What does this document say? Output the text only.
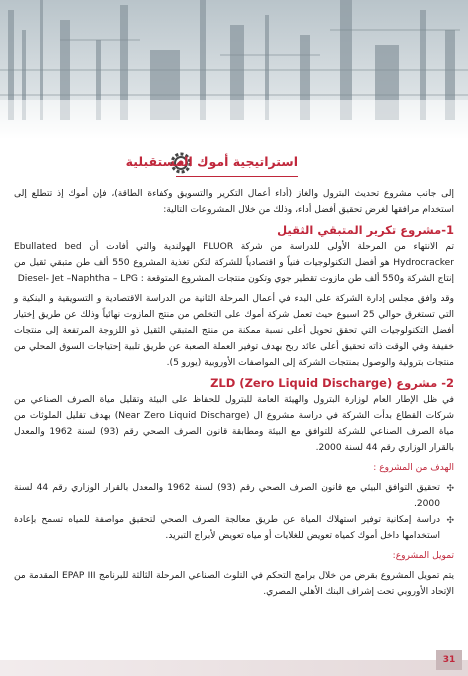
استراتيجية أموك المستقبلية

إلى جانب مشروع تحديث البترول والغاز (أداء أعمال التكرير والتسويق وكفاءة الطاقة)، فإن أموك إذ تتطلع إلى استخدام مرافقها لغرض تحقيق أفضل أداء، وذلك من خلال المشروعات التالية:

1-مشروع تكرير المتبقي الثقيل

تم الانتهاء من المرحلة الأولى للدراسة من شركة FLUOR الهولندية والتي أفادت أن Ebullated bed Hydrocracker هو أفضل التكنولوجيات فنياً و اقتصادياً للشركة لتكن تغذية المشروع 550 ألف طن متبقي ثقيل من إنتاج الشركة و550 ألف طن مازوت تقطير جوي وتكون منتجات المشروع المتوقعة : Diesel- Jet –Naphtha – LPG

وقد وافق مجلس إدارة الشركة على البدء في أعمال المرحلة الثانية من الدراسة الاقتصادية و التسويقية و البنكية و التي تستغرق حوالي 25 اسبوع حيث تعمل شركة أموك على التخلص من منتج المازوت نهائياً وذلك عن طريق إختيار أفضل التكنولوجيات التي تحقق تحويل أعلى نسبة ممكنة من منتج المتبقي الثقيل ذو اللزوجة المرتفعة إلى منتجات خفيفة وفي الوقت ذاته تحقيق أعلى عائد ربح بهدف توفير العملة الصعبة عن طريق تلبية إحتياجات السوق المحلي من منتجات بترولية والوصول بمنتجات الشركة إلى المواصفات الأوروبية (يورو 5).

2- مشروع (ZLD (Zero Liquid Discharge

في ظل الإطار العام لوزارة البترول والهيئة العامة للبترول للحفاظ على البيئة وتقليل مياة الصرف الصناعي من شركات القطاع بدأت الشركة في دراسة مشروع ال (Near Zero Liquid Discharge) بهدف تقليل الملوثات من مياة الصرف الصناعي للشركة للتوافق مع البيئة ومطابقة قانون الصرف الصحي رقم (93) لسنة 1962 والمعدل بالقرار الوزاري رقم 44 لسنة 2000.

الهدف من المشروع :

✣
تحقيق التوافق البيئي مع قانون الصرف الصحي رقم (93) لسنة 1962 والمعدل بالقرار الوزاري رقم 44 لسنة 2000.
✣
دراسة إمكانية توفير استهلاك المياة عن طريق معالجة الصرف الصحي لتحقيق مواصفة للمياه تسمح بإعادة استخدامها داخل أموك كمياه تعويض للغلايات أو مياه تعويض لأبراج التبريد.

تمويل المشروع:

يتم تمويل المشروع بقرض من خلال برامج التحكم في التلوث الصناعي المرحلة الثالثة للبرنامج EPAP III المقدمة من الإتحاد الأوروبي تحت إشراف البنك الأهلي المصري.

31
